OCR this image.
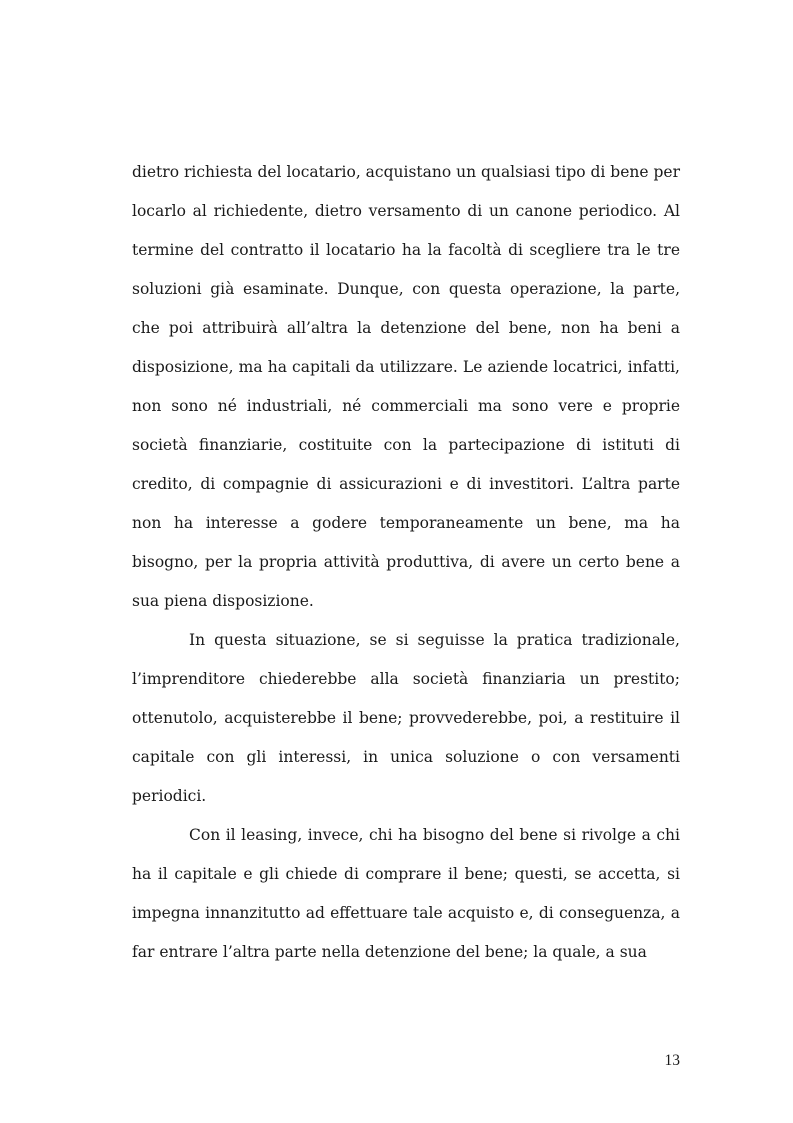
dietro richiesta del locatario, acquistano un qualsiasi tipo di bene per locarlo al richiedente, dietro versamento di un canone periodico. Al termine del contratto il locatario ha la facoltà di scegliere tra le tre soluzioni già esaminate. Dunque, con questa operazione, la parte, che poi attribuirà all’altra la detenzione del bene, non ha beni a disposizione, ma ha capitali da utilizzare. Le aziende locatrici, infatti, non sono né industriali, né commerciali ma sono vere e proprie società finanziarie, costituite con la partecipazione di istituti di credito, di compagnie di assicurazioni e di investitori. L’altra parte non ha interesse a godere temporaneamente un bene, ma ha bisogno, per la propria attività produttiva, di avere un certo bene a sua piena disposizione.

In questa situazione, se si seguisse la pratica tradizionale, l’imprenditore chiederebbe alla società finanziaria un prestito; ottenutolo, acquisterebbe il bene; provvederebbe, poi, a restituire il capitale con gli interessi, in unica soluzione o con versamenti periodici.

Con il leasing, invece, chi ha bisogno del bene si rivolge a chi ha il capitale e gli chiede di comprare il bene; questi, se accetta, si impegna innanzitutto ad effettuare tale acquisto e, di conseguenza, a far entrare l’altra parte nella detenzione del bene; la quale, a sua

13
